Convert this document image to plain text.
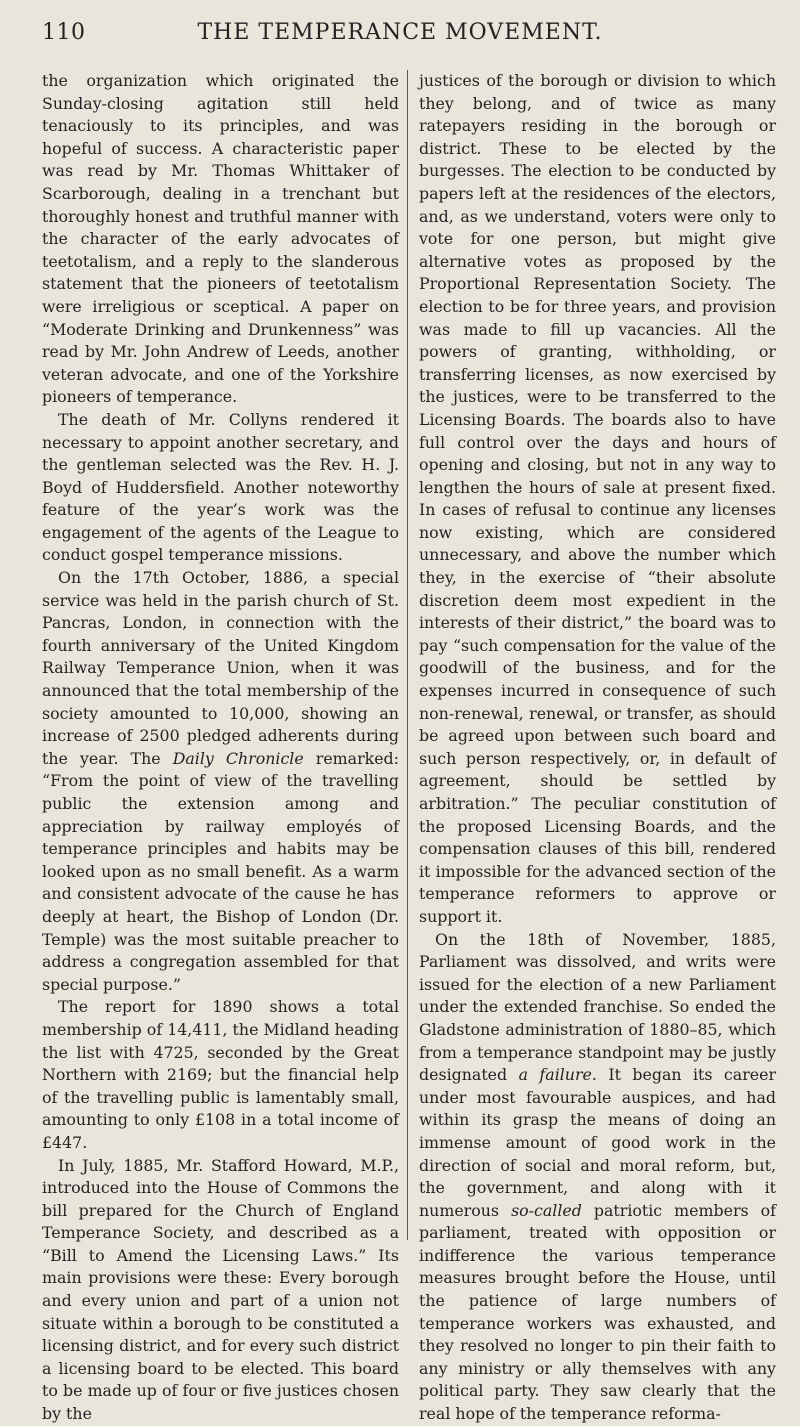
110	THE TEMPERANCE MOVEMENT.

the organization which originated the Sunday-closing agitation still held tenaciously to its principles, and was hopeful of success. A characteristic paper was read by Mr. Thomas Whittaker of Scarborough, dealing in a trenchant but thoroughly honest and truthful manner with the character of the early advocates of teetotalism, and a reply to the slanderous statement that the pioneers of teetotalism were irreligious or sceptical. A paper on “Moderate Drinking and Drunkenness” was read by Mr. John Andrew of Leeds, another veteran advocate, and one of the Yorkshire pioneers of temperance.

The death of Mr. Collyns rendered it necessary to appoint another secretary, and the gentleman selected was the Rev. H. J. Boyd of Huddersfield. Another noteworthy feature of the year’s work was the engagement of the agents of the League to conduct gospel temperance missions.

On the 17th October, 1886, a special service was held in the parish church of St. Pancras, London, in connection with the fourth anniversary of the United Kingdom Railway Temperance Union, when it was announced that the total membership of the society amounted to 10,000, showing an increase of 2500 pledged adherents during the year. The Daily Chronicle remarked: “From the point of view of the travelling public the extension among and appreciation by railway employés of temperance principles and habits may be looked upon as no small benefit. As a warm and consistent advocate of the cause he has deeply at heart, the Bishop of London (Dr. Temple) was the most suitable preacher to address a congregation assembled for that special purpose.”

The report for 1890 shows a total membership of 14,411, the Midland heading the list with 4725, seconded by the Great Northern with 2169; but the financial help of the travelling public is lamentably small, amounting to only £108 in a total income of £447.

In July, 1885, Mr. Stafford Howard, M.P., introduced into the House of Commons the bill prepared for the Church of England Temperance Society, and described as a “Bill to Amend the Licensing Laws.” Its main provisions were these: Every borough and every union and part of a union not situate within a borough to be constituted a licensing district, and for every such district a licensing board to be elected. This board to be made up of four or five justices chosen by the

justices of the borough or division to which they belong, and of twice as many ratepayers residing in the borough or district. These to be elected by the burgesses. The election to be conducted by papers left at the residences of the electors, and, as we understand, voters were only to vote for one person, but might give alternative votes as proposed by the Proportional Representation Society. The election to be for three years, and provision was made to fill up vacancies. All the powers of granting, withholding, or transferring licenses, as now exercised by the justices, were to be transferred to the Licensing Boards. The boards also to have full control over the days and hours of opening and closing, but not in any way to lengthen the hours of sale at present fixed. In cases of refusal to continue any licenses now existing, which are considered unnecessary, and above the number which they, in the exercise of “their absolute discretion deem most expedient in the interests of their district,” the board was to pay “such compensation for the value of the goodwill of the business, and for the expenses incurred in consequence of such non-renewal, renewal, or transfer, as should be agreed upon between such board and such person respectively, or, in default of agreement, should be settled by arbitration.” The peculiar constitution of the proposed Licensing Boards, and the compensation clauses of this bill, rendered it impossible for the advanced section of the temperance reformers to approve or support it.

On the 18th of November, 1885, Parliament was dissolved, and writs were issued for the election of a new Parliament under the extended franchise. So ended the Gladstone administration of 1880–85, which from a temperance standpoint may be justly designated a failure. It began its career under most favourable auspices, and had within its grasp the means of doing an immense amount of good work in the direction of social and moral reform, but, the government, and along with it numerous so-called patriotic members of parliament, treated with opposition or indifference the various temperance measures brought before the House, until the patience of large numbers of temperance workers was exhausted, and they resolved no longer to pin their faith to any ministry or ally themselves with any political party. They saw clearly that the real hope of the temperance reforma-
